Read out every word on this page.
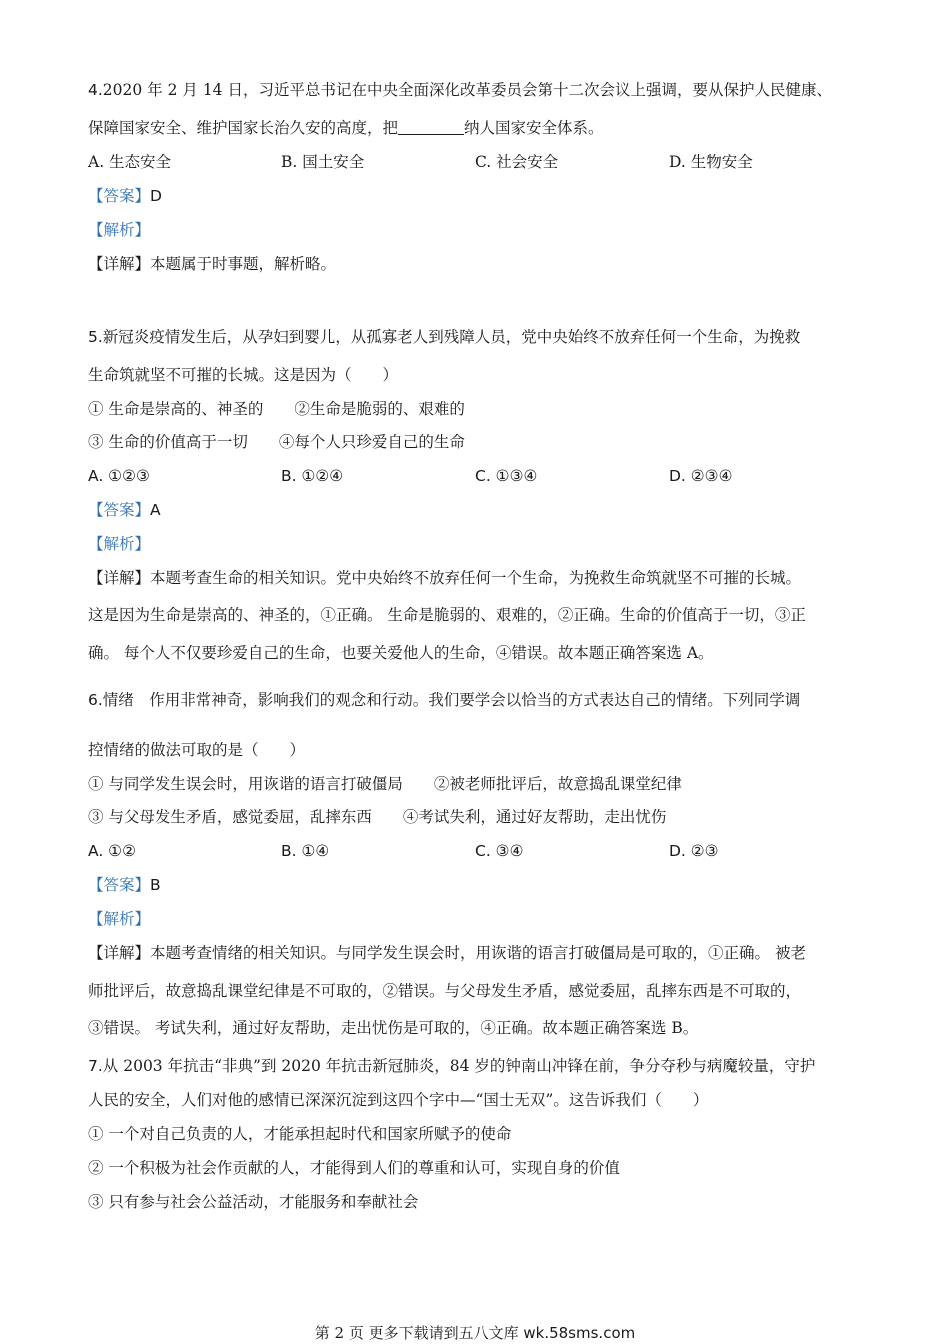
4.2020 年 2 月 14 日，习近平总书记在中央全面深化改革委员会第十二次会议上强调，要从保护人民健康、
保障国家安全、维护国家长治久安的高度，把	纳人国家安全体系。
A. 生态安全	B. 国土安全	C. 社会安全	D. 生物安全
【答案】D
【解析】
【详解】本题属于时事题，解析略。
5.新冠炎疫情发生后，从孕妇到婴儿，从孤寡老人到残障人员，党中央始终不放弃任何一个生命，为挽救
生命筑就坚不可摧的长城。这是因为（　　）
① 生命是崇高的、神圣的　　②生命是脆弱的、艰难的
③ 生命的价值高于一切　　④每个人只珍爱自己的生命
A. ①②③	B. ①②④	C. ①③④	D. ②③④
【答案】A
【解析】
【详解】本题考查生命的相关知识。党中央始终不放弃任何一个生命，为挽救生命筑就坚不可摧的长城。
这是因为生命是崇高的、神圣的，①正确。 生命是脆弱的、艰难的，②正确。生命的价值高于一切，③正
确。 每个人不仅要珍爱自己的生命，也要关爱他人的生命，④错误。故本题正确答案选 A。
6.情绪　作用非常神奇，影响我们的观念和行动。我们要学会以恰当的方式表达自己的情绪。下列同学调
控情绪的做法可取的是（　　）
① 与同学发生误会时，用诙谐的语言打破僵局　　②被老师批评后，故意捣乱课堂纪律
③ 与父母发生矛盾，感觉委屈，乱摔东西　　④考试失利，通过好友帮助，走出忧伤
A. ①②	B. ①④	C. ③④	D. ②③
【答案】B
【解析】
【详解】本题考查情绪的相关知识。与同学发生误会时，用诙谐的语言打破僵局是可取的，①正确。 被老
师批评后，故意捣乱课堂纪律是不可取的，②错误。与父母发生矛盾，感觉委屈，乱摔东西是不可取的，
③错误。 考试失利，通过好友帮助，走出忧伤是可取的，④正确。故本题正确答案选 B。
7.从 2003 年抗击“非典”到 2020 年抗击新冠肺炎，84 岁的钟南山冲锋在前，争分夺秒与病魔较量，守护
人民的安全，人们对他的感情已深深沉淀到这四个字中—“国士无双”。这告诉我们（　　）
① 一个对自己负责的人，才能承担起时代和国家所赋予的使命
② 一个积极为社会作贡献的人，才能得到人们的尊重和认可，实现自身的价值
③ 只有参与社会公益活动，才能服务和奉献社会
第 2 页 更多下载请到五八文库 wk.58sms.com
